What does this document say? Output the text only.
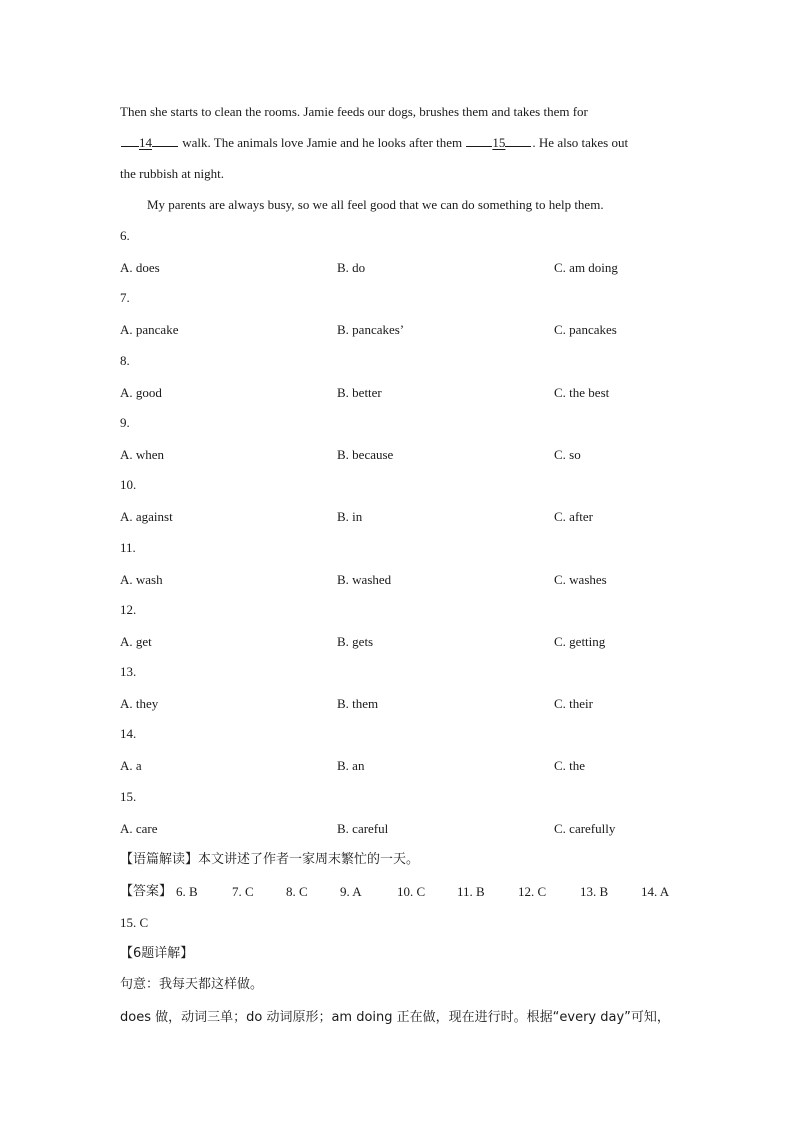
Then she starts to clean the rooms. Jamie feeds our dogs, brushes them and takes them for
14 walk. The animals love Jamie and he looks after them 15 . He also takes out
the rubbish at night.
My parents are always busy, so we all feel good that we can do something to help them.
6.
A. does	B. do	C. am doing
7.
A. pancake	B. pancakes’	C. pancakes
8.
A. good	B. better	C. the best
9.
A. when	B. because	C. so
10.
A. against	B. in	C. after
11.
A. wash	B. washed	C. washes
12.
A. get	B. gets	C. getting
13.
A. they	B. them	C. their
14.
A. a	B. an	C. the
15.
A. care	B. careful	C. carefully
【语篇解读】本文讲述了作者一家周末繁忙的一天。
【答案】 6. B	7. C 8. C 9. A	10. C 11. B	12. C	13. B	14. A
15. C
【6题详解】
句意：我每天都这样做。
does 做，动词三单；do 动词原形；am doing 正在做，现在进行时。根据“every day”可知，
